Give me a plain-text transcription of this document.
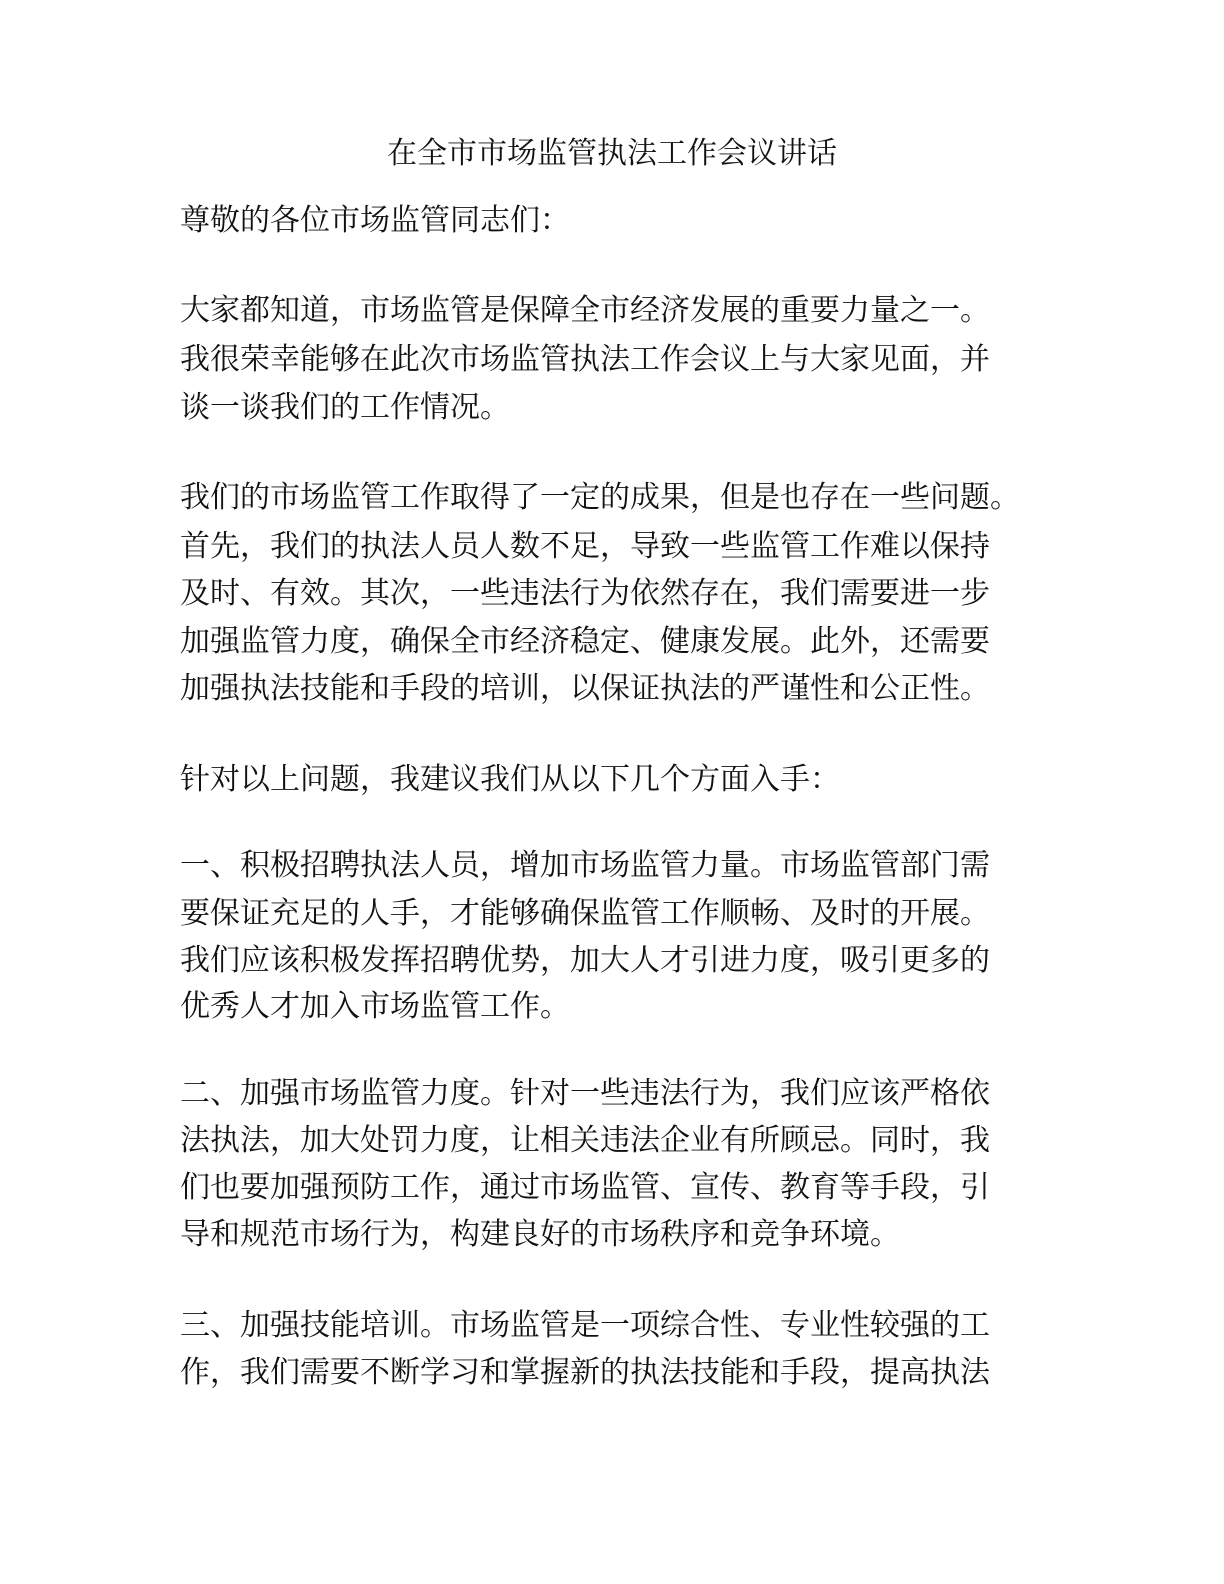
在全市市场监管执法工作会议讲话
尊敬的各位市场监管同志们：
大家都知道，市场监管是保障全市经济发展的重要力量之一。
我很荣幸能够在此次市场监管执法工作会议上与大家见面，并
谈一谈我们的工作情况。
我们的市场监管工作取得了一定的成果，但是也存在一些问题。
首先，我们的执法人员人数不足，导致一些监管工作难以保持
及时、有效。其次，一些违法行为依然存在，我们需要进一步
加强监管力度，确保全市经济稳定、健康发展。此外，还需要
加强执法技能和手段的培训，以保证执法的严谨性和公正性。
针对以上问题，我建议我们从以下几个方面入手：
一、积极招聘执法人员，增加市场监管力量。市场监管部门需
要保证充足的人手，才能够确保监管工作顺畅、及时的开展。
我们应该积极发挥招聘优势，加大人才引进力度，吸引更多的
优秀人才加入市场监管工作。
二、加强市场监管力度。针对一些违法行为，我们应该严格依
法执法，加大处罚力度，让相关违法企业有所顾忌。同时，我
们也要加强预防工作，通过市场监管、宣传、教育等手段，引
导和规范市场行为，构建良好的市场秩序和竞争环境。
三、加强技能培训。市场监管是一项综合性、专业性较强的工
作，我们需要不断学习和掌握新的执法技能和手段，提高执法
